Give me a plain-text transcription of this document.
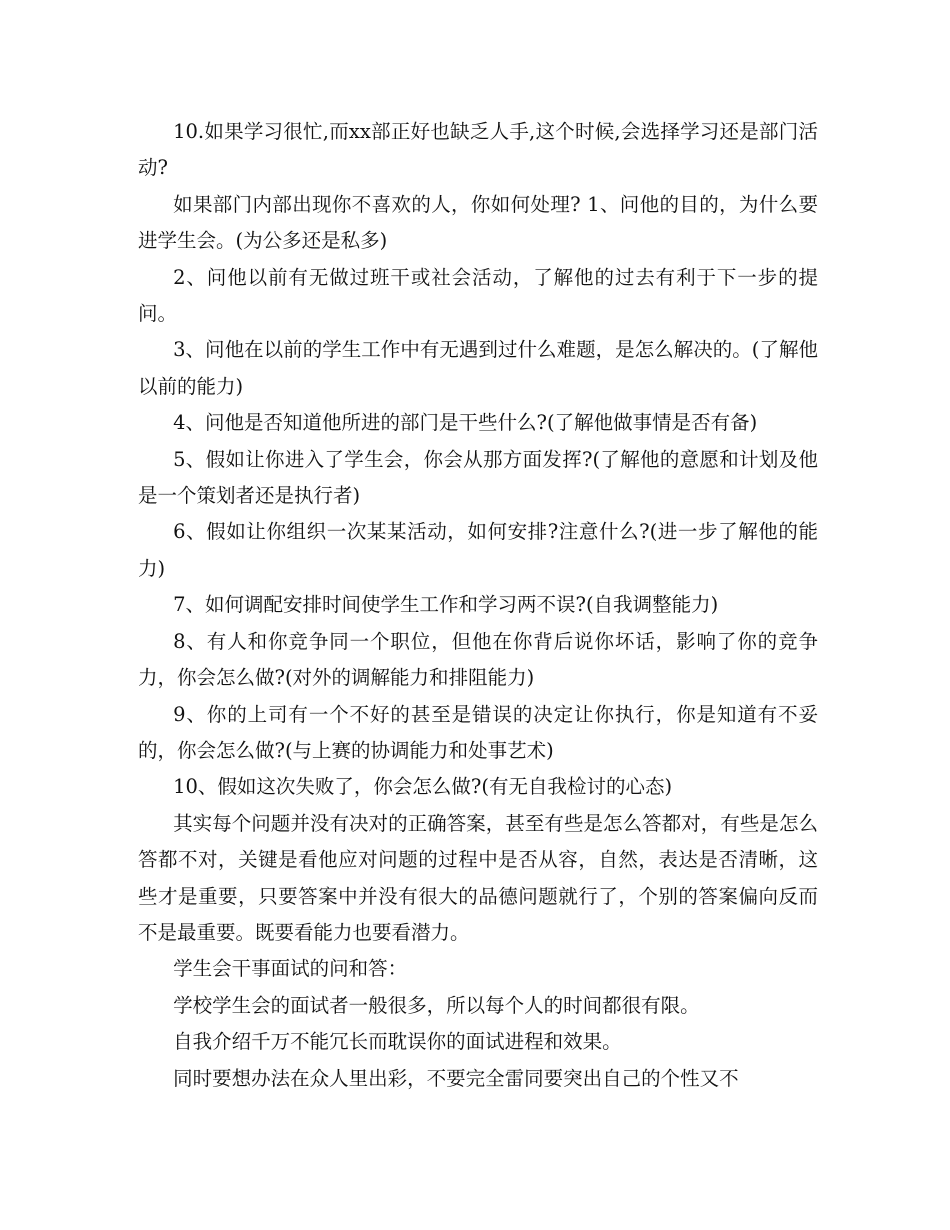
10.如果学习很忙,而xx部正好也缺乏人手,这个时候,会选择学习还是部门活动?

如果部门内部出现你不喜欢的人，你如何处理? 1、问他的目的，为什么要进学生会。(为公多还是私多)

2、问他以前有无做过班干或社会活动，了解他的过去有利于下一步的提问。

3、问他在以前的学生工作中有无遇到过什么难题，是怎么解决的。(了解他以前的能力)

4、问他是否知道他所进的部门是干些什么?(了解他做事情是否有备)

5、假如让你进入了学生会，你会从那方面发挥?(了解他的意愿和计划及他是一个策划者还是执行者)

6、假如让你组织一次某某活动，如何安排?注意什么?(进一步了解他的能力)

7、如何调配安排时间使学生工作和学习两不误?(自我调整能力)

8、有人和你竞争同一个职位，但他在你背后说你坏话，影响了你的竞争力，你会怎么做?(对外的调解能力和排阻能力)

9、你的上司有一个不好的甚至是错误的决定让你执行，你是知道有不妥的，你会怎么做?(与上赛的协调能力和处事艺术)

10、假如这次失败了，你会怎么做?(有无自我检讨的心态)

其实每个问题并没有决对的正确答案，甚至有些是怎么答都对，有些是怎么答都不对，关键是看他应对问题的过程中是否从容，自然，表达是否清晰，这些才是重要，只要答案中并没有很大的品德问题就行了，个别的答案偏向反而不是最重要。既要看能力也要看潜力。

学生会干事面试的问和答：

学校学生会的面试者一般很多，所以每个人的时间都很有限。

自我介绍千万不能冗长而耽误你的面试进程和效果。

同时要想办法在众人里出彩，不要完全雷同要突出自己的个性又不
